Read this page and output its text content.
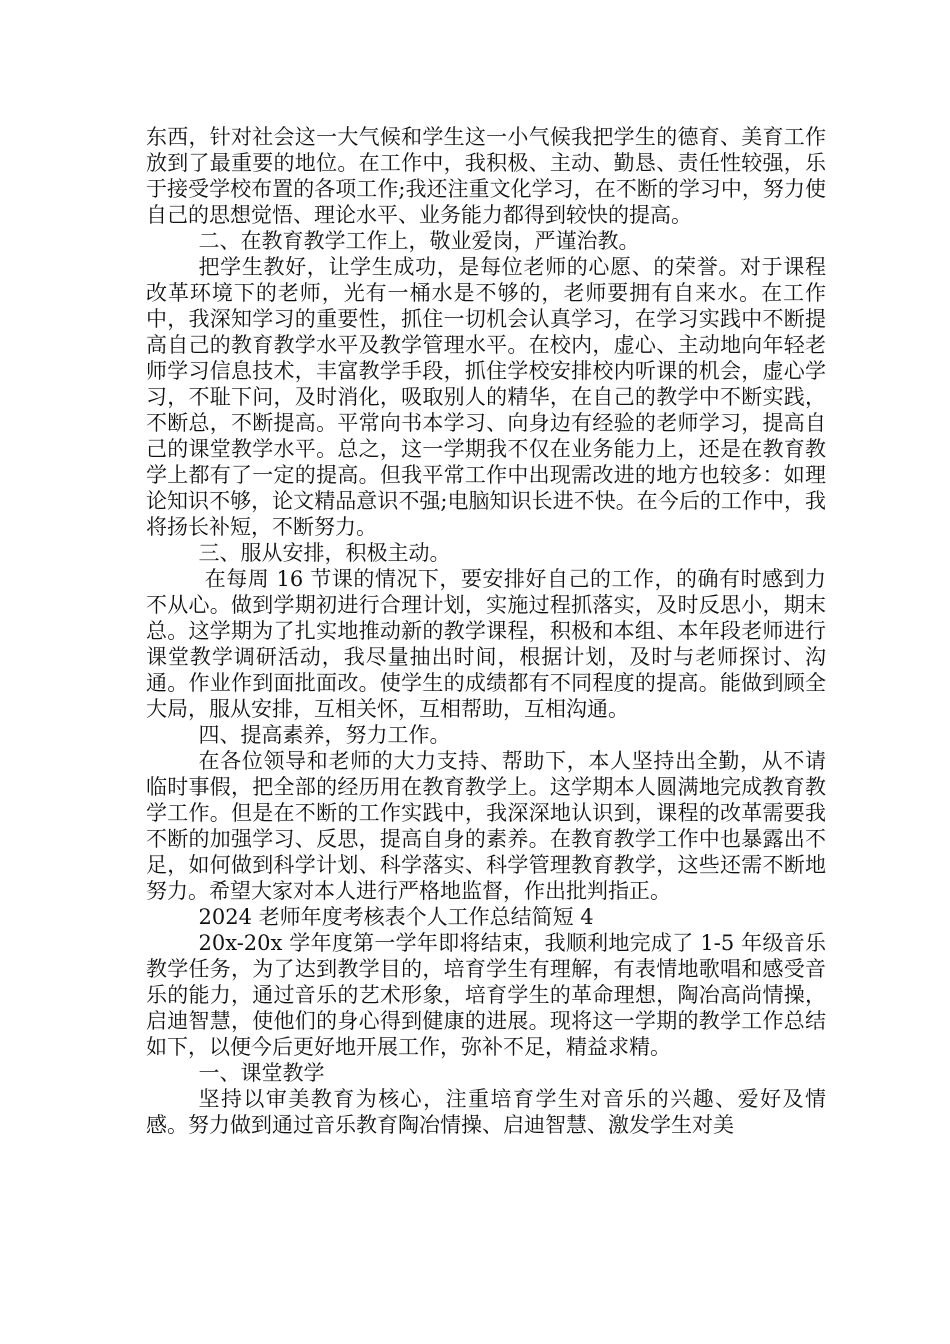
东西，针对社会这一大气候和学生这一小气候我把学生的德育、美育工作放到了最重要的地位。在工作中，我积极、主动、勤恳、责任性较强，乐于接受学校布置的各项工作;我还注重文化学习，在不断的学习中，努力使自己的思想觉悟、理论水平、业务能力都得到较快的提高。

二、在教育教学工作上，敬业爱岗，严谨治教。

把学生教好，让学生成功，是每位老师的心愿、的荣誉。对于课程改革环境下的老师，光有一桶水是不够的，老师要拥有自来水。在工作中，我深知学习的重要性，抓住一切机会认真学习，在学习实践中不断提高自己的教育教学水平及教学管理水平。在校内，虚心、主动地向年轻老师学习信息技术，丰富教学手段，抓住学校安排校内听课的机会，虚心学习，不耻下问，及时消化，吸取别人的精华，在自己的教学中不断实践，不断总，不断提高。平常向书本学习、向身边有经验的老师学习，提高自己的课堂教学水平。总之，这一学期我不仅在业务能力上，还是在教育教学上都有了一定的提高。但我平常工作中出现需改进的地方也较多：如理论知识不够，论文精品意识不强;电脑知识长进不快。在今后的工作中，我将扬长补短，不断努力。

三、服从安排，积极主动。

在每周 16 节课的情况下，要安排好自己的工作，的确有时感到力不从心。做到学期初进行合理计划，实施过程抓落实，及时反思小，期末总。这学期为了扎实地推动新的教学课程，积极和本组、本年段老师进行课堂教学调研活动，我尽量抽出时间，根据计划，及时与老师探讨、沟通。作业作到面批面改。使学生的成绩都有不同程度的提高。能做到顾全大局，服从安排，互相关怀，互相帮助，互相沟通。

四、提高素养，努力工作。

在各位领导和老师的大力支持、帮助下，本人坚持出全勤，从不请临时事假，把全部的经历用在教育教学上。这学期本人圆满地完成教育教学工作。但是在不断的工作实践中，我深深地认识到，课程的改革需要我不断的加强学习、反思，提高自身的素养。在教育教学工作中也暴露出不足，如何做到科学计划、科学落实、科学管理教育教学，这些还需不断地努力。希望大家对本人进行严格地监督，作出批判指正。

2024 老师年度考核表个人工作总结简短 4

20x-20x 学年度第一学年即将结束，我顺利地完成了 1-5 年级音乐教学任务，为了达到教学目的，培育学生有理解，有表情地歌唱和感受音乐的能力，通过音乐的艺术形象，培育学生的革命理想，陶冶高尚情操，启迪智慧，使他们的身心得到健康的进展。现将这一学期的教学工作总结如下，以便今后更好地开展工作，弥补不足，精益求精。

一、课堂教学

坚持以审美教育为核心，注重培育学生对音乐的兴趣、爱好及情感。努力做到通过音乐教育陶冶情操、启迪智慧、激发学生对美
